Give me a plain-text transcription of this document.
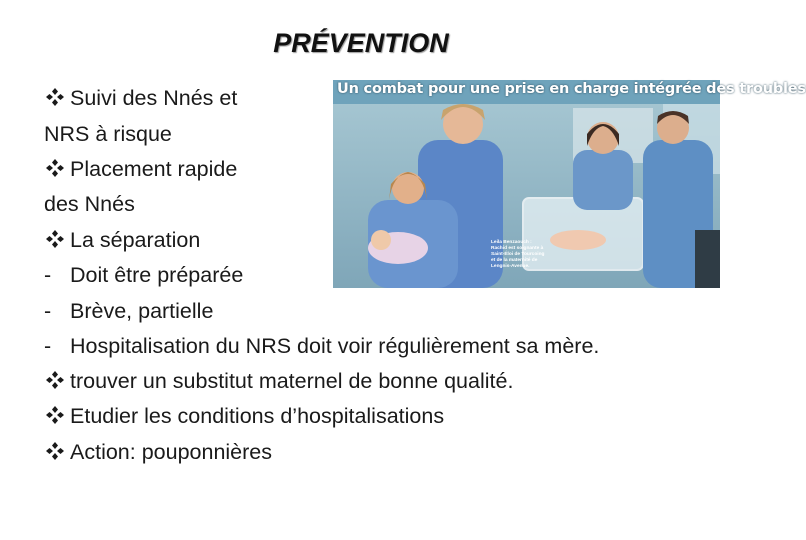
PRÉVENTION
Suivi des Nnés et
NRS à risque
Placement rapide
des Nnés
La séparation
- Doit être préparée
- Brève, partielle
- Hospitalisation du NRS doit voir régulièrement sa mère.
trouver un substitut maternel de bonne qualité.
Etudier les conditions d’hospitalisations
Action: pouponnières
Un combat pour une prise en charge intégrée des troubles
Leila Benzaouch : Rachid est soignante à Saint-Éloi de Tourcoing et de la maternité de Lengnis-Avenue.
